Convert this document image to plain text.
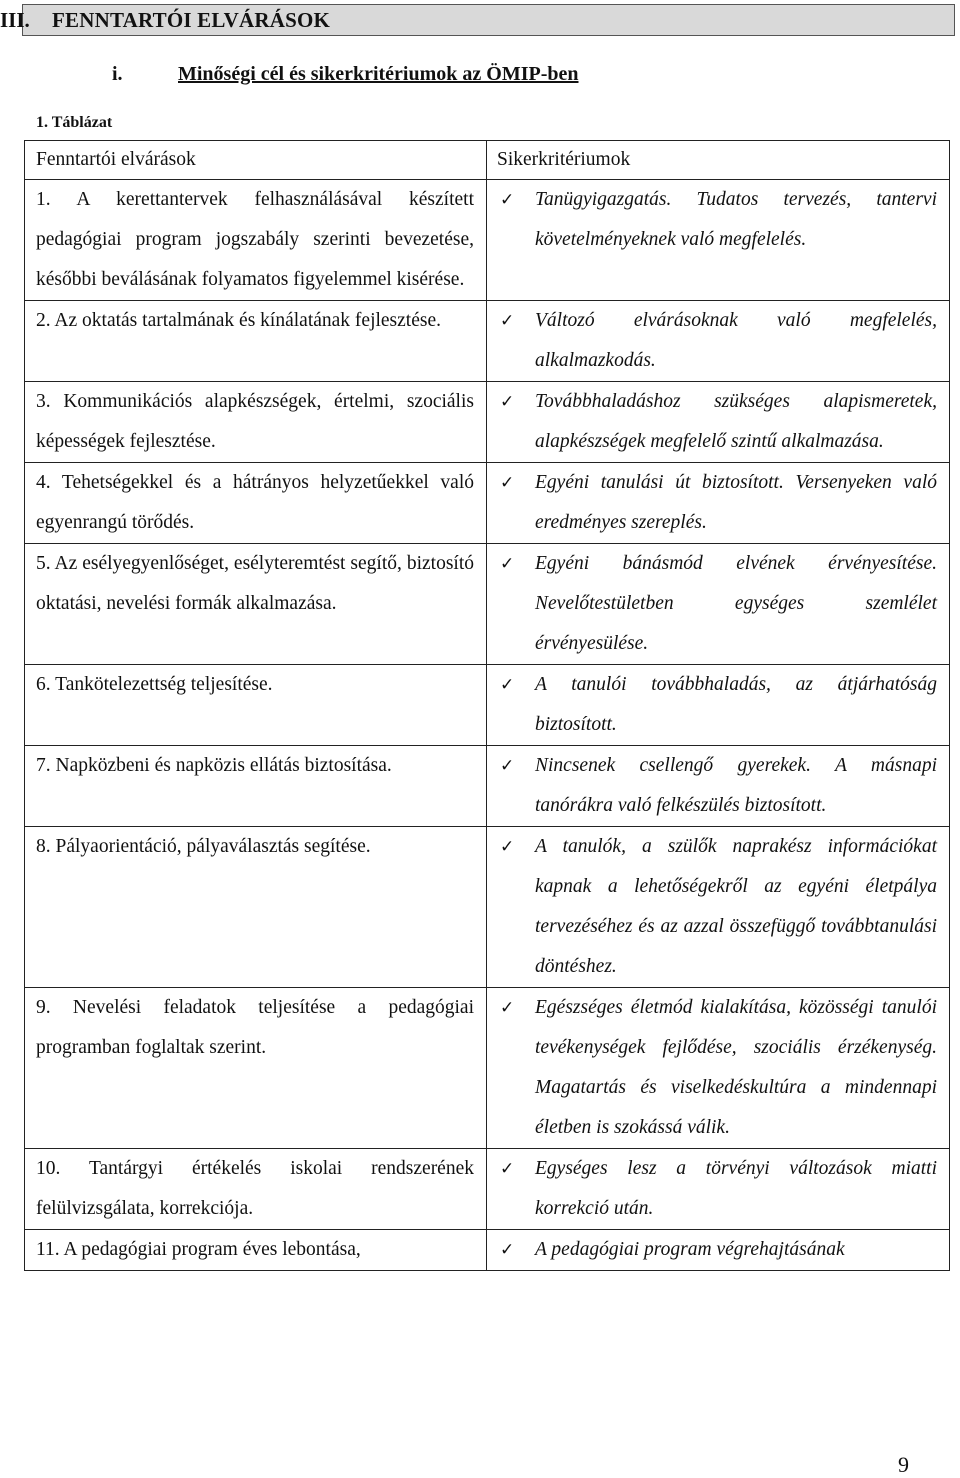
III. FENNTARTÓI ELVÁRÁSOK
i.	Minőségi cél és sikerkritériumok az ÖMIP-ben
1. Táblázat
Fenntartói elvárások	Sikerkritériumok
1. A kerettantervek felhasználásával készített pedagógiai program jogszabály szerinti bevezetése, későbbi beválásának folyamatos figyelemmel kisérése.	✓ Tanügyigazgatás. Tudatos tervezés, tantervi követelményeknek való megfelelés.
2. Az oktatás tartalmának és kínálatának fejlesztése.	✓ Változó elvárásoknak való megfelelés, alkalmazkodás.
3. Kommunikációs alapkészségek, értelmi, szociális képességek fejlesztése.	✓ Továbbhaladáshoz szükséges alapismeretek, alapkészségek megfelelő szintű alkalmazása.
4. Tehetségekkel és a hátrányos helyzetűekkel való egyenrangú törődés.	✓ Egyéni tanulási út biztosított. Versenyeken való eredményes szereplés.
5. Az esélyegyenlőséget, esélyteremtést segítő, biztosító oktatási, nevelési formák alkalmazása.	✓ Egyéni bánásmód elvének érvényesítése. Nevelőtestületben egységes szemlélet érvényesülése.
6. Tankötelezettség teljesítése.	✓ A tanulói továbbhaladás, az átjárhatóság biztosított.
7. Napközbeni és napközis ellátás biztosítása.	✓ Nincsenek csellengő gyerekek. A másnapi tanórákra való felkészülés biztosított.
8. Pályaorientáció, pályaválasztás segítése.	✓ A tanulók, a szülők naprakész információkat kapnak a lehetőségekről az egyéni életpálya tervezéséhez és az azzal összefüggő továbbtanulási döntéshez.
9. Nevelési feladatok teljesítése a pedagógiai programban foglaltak szerint.	✓ Egészséges életmód kialakítása, közösségi tanulói tevékenységek fejlődése, szociális érzékenység. Magatartás és viselkedéskultúra a mindennapi életben is szokássá válik.
10. Tantárgyi értékelés iskolai rendszerének felülvizsgálata, korrekciója.	✓ Egységes lesz a törvényi változások miatti korrekció után.
11. A pedagógiai program éves lebontása,	✓ A pedagógiai program végrehajtásának
9
